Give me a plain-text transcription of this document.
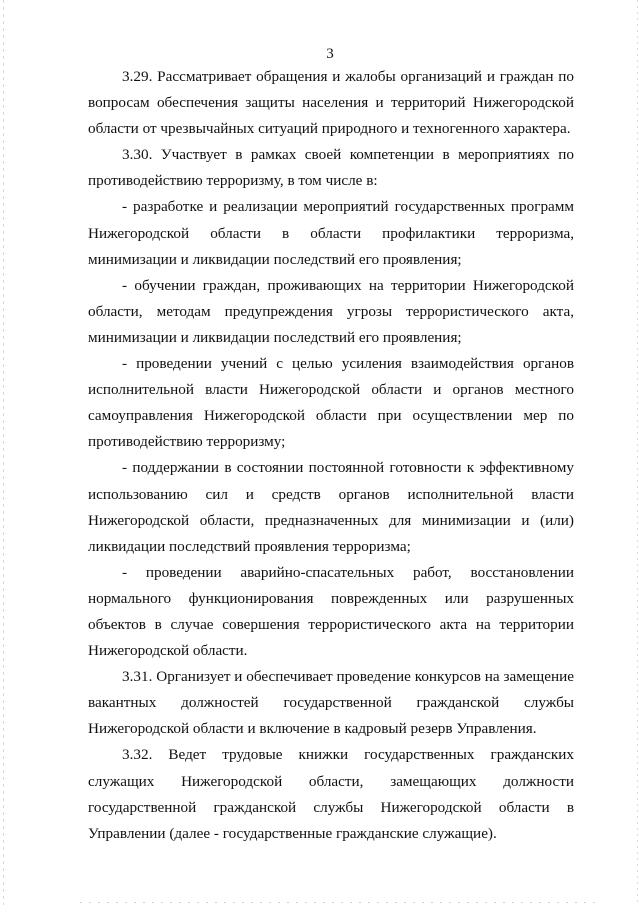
3

3.29. Рассматривает обращения и жалобы организаций и граждан по вопросам обеспечения защиты населения и территорий Нижегородской области от чрезвычайных ситуаций природного и техногенного характера.

3.30. Участвует в рамках своей компетенции в мероприятиях по противодействию терроризму, в том числе в:

- разработке и реализации мероприятий государственных программ Нижегородской области в области профилактики терроризма, минимизации и ликвидации последствий его проявления;

- обучении граждан, проживающих на территории Нижегородской области, методам предупреждения угрозы террористического акта, минимизации и ликвидации последствий его проявления;

- проведении учений с целью усиления взаимодействия органов исполнительной власти Нижегородской области и органов местного самоуправления Нижегородской области при осуществлении мер по противодействию терроризму;

- поддержании в состоянии постоянной готовности к эффективному использованию сил и средств органов исполнительной власти Нижегородской области, предназначенных для минимизации и (или) ликвидации последствий проявления терроризма;

- проведении аварийно-спасательных работ, восстановлении нормального функционирования поврежденных или разрушенных объектов в случае совершения террористического акта на территории Нижегородской области.

3.31. Организует и обеспечивает проведение конкурсов на замещение вакантных должностей государственной гражданской службы Нижегородской области и включение в кадровый резерв Управления.

3.32. Ведет трудовые книжки государственных гражданских служащих Нижегородской области, замещающих должности государственной гражданской службы Нижегородской области в Управлении (далее - государственные гражданские служащие).
